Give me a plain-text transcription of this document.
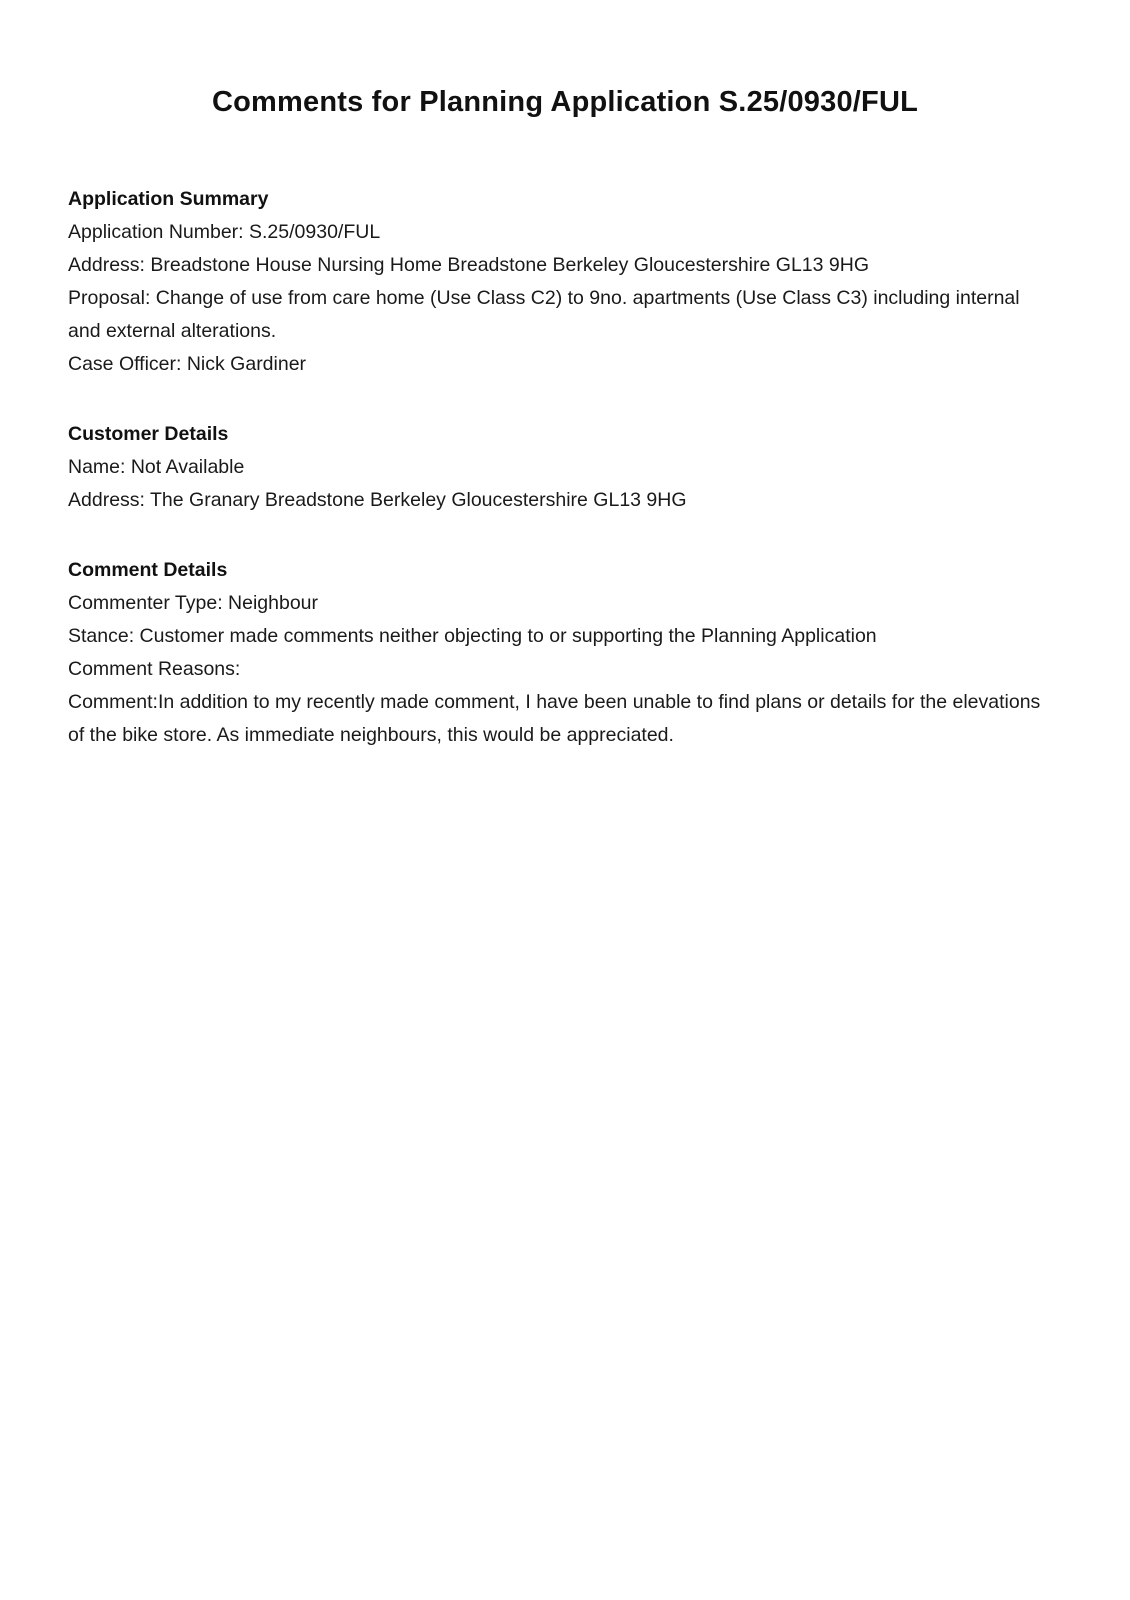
Comments for Planning Application S.25/0930/FUL

Application Summary

Application Number: S.25/0930/FUL

Address: Breadstone House Nursing Home Breadstone Berkeley Gloucestershire GL13 9HG

Proposal: Change of use from care home (Use Class C2) to 9no. apartments (Use Class C3) including internal and external alterations.

Case Officer: Nick Gardiner

Customer Details

Name: Not Available

Address: The Granary Breadstone Berkeley Gloucestershire GL13 9HG

Comment Details

Commenter Type: Neighbour

Stance: Customer made comments neither objecting to or supporting the Planning Application

Comment Reasons:

Comment:In addition to my recently made comment, I have been unable to find plans or details for the elevations of the bike store. As immediate neighbours, this would be appreciated.
